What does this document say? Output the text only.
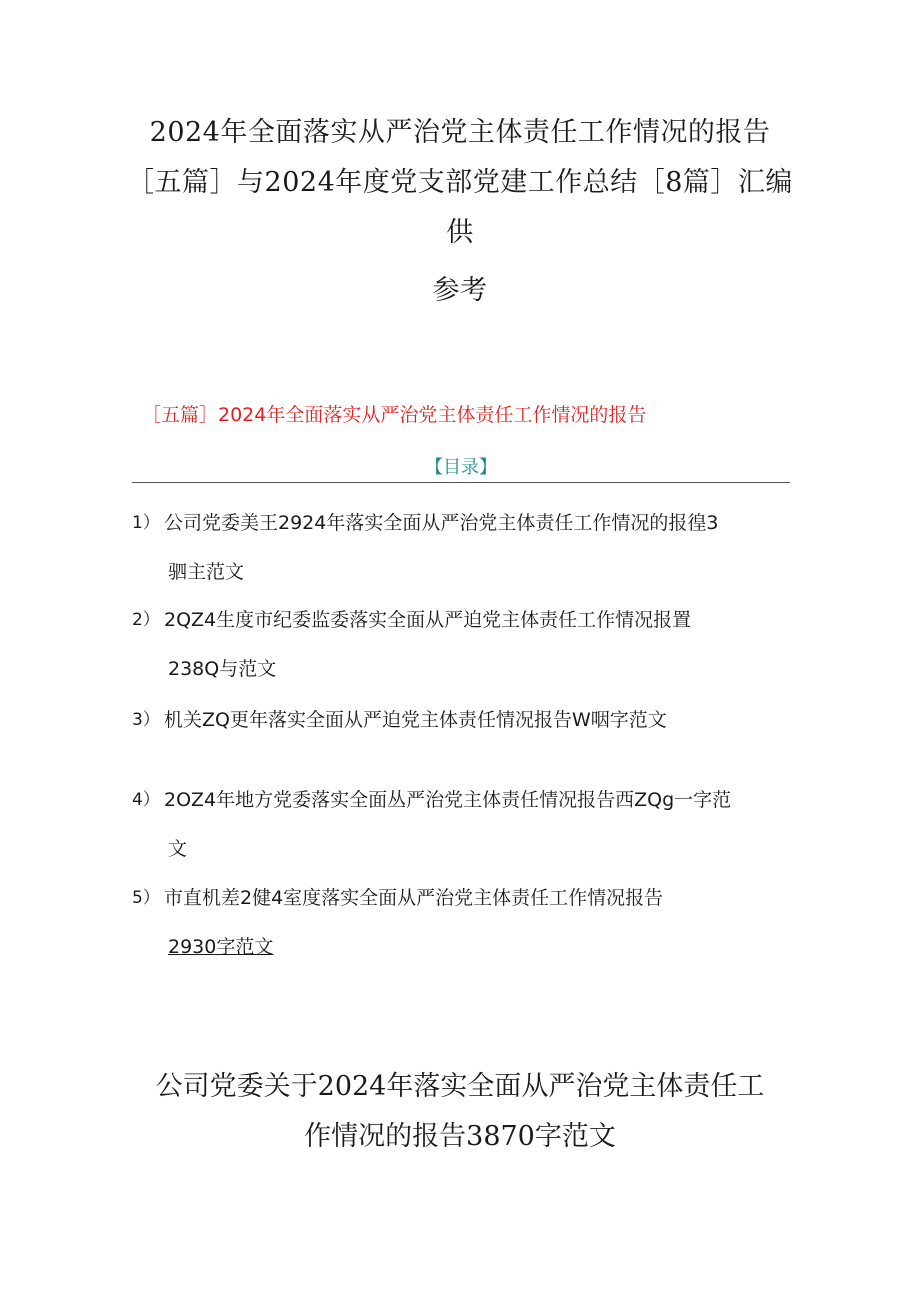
2024年全面落实从严治党主体责任工作情况的报告
［五篇］与2024年度党支部党建工作总结［8篇］汇编
供
参考
［五篇］2024年全面落实从严治党主体责任工作情况的报告
【目录】
1） 公司党委美王2924年落实全面从严治党主体责任工作情况的报徨3
驷主范文
2） 2QZ4生度市纪委监委落实全面从严迫党主体责任工作情况报置
238Q与范文
3） 机关ZQ更年落实全面从严迫党主体责任情况报告W咽字范文
4） 2OZ4年地方党委落实全面丛严治党主体责任情况报告西ZQg一字范
文
5） 市直机差2健4室度落实全面从严治党主体责任工作情况报告
2930字范文
公司党委关于2024年落实全面从严治党主体责任工
作情况的报告3870字范文
